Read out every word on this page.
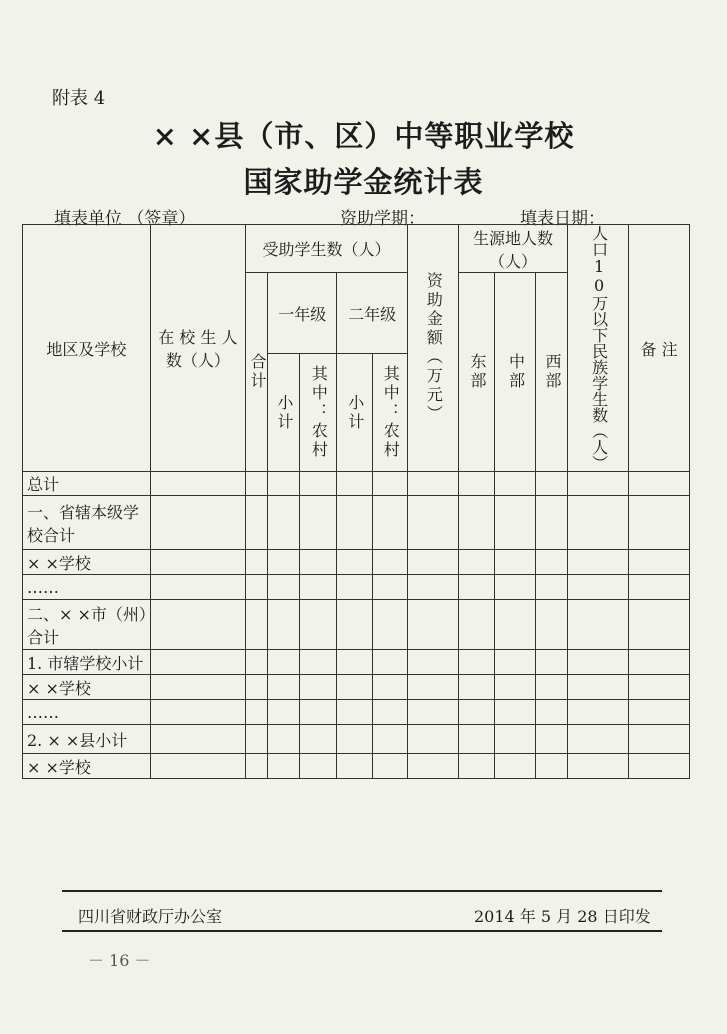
附表 4
× ×县（市、区）中等职业学校
国家助学金统计表
填表单位 （签章）	资助学期：	填表日期：
地区及学校	在 校 生 人数（人）	受助学生数（人）					资助金额（万元）	生源地人数（人）			人口10万以下民族学生数（人）	备 注

		合计	一年级		二年级			东部	中部	西部		

			小计	其中：农村	小计	其中：农村						

总计												
一、省辖本级学校合计												
× ×学校												
……												
二、× ×市（州）合计												
1. 市辖学校小计												
× ×学校												
……												
2. × ×县小计												
× ×学校												
四川省财政厅办公室	2014 年 5 月 28 日印发
－ 16 －
